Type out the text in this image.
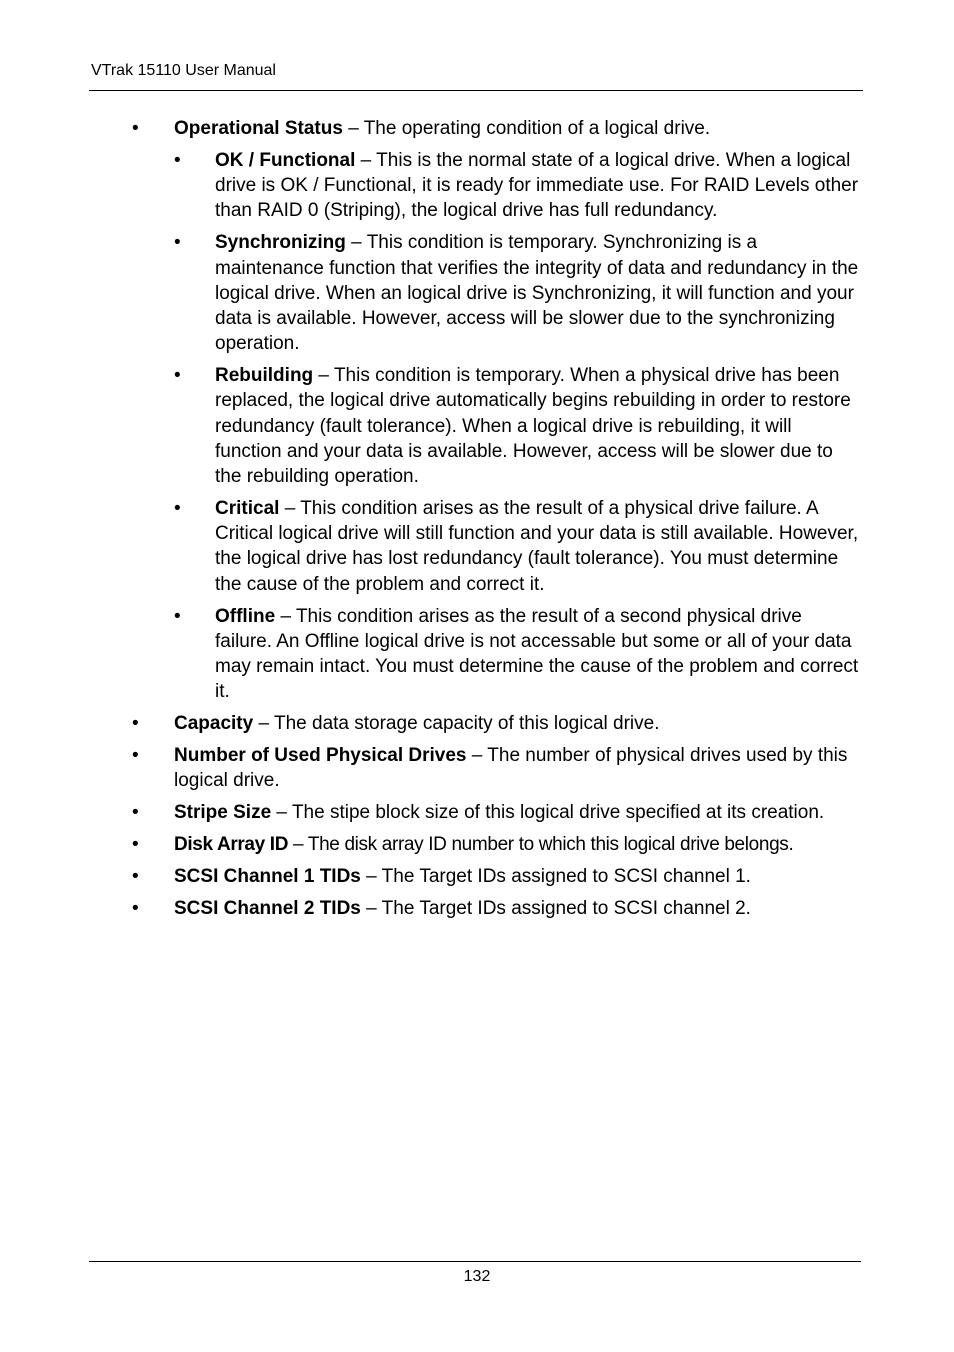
VTrak 15110 User Manual
• Operational Status – The operating condition of a logical drive.
• OK / Functional – This is the normal state of a logical drive. When a logical drive is OK / Functional, it is ready for immediate use. For RAID Levels other than RAID 0 (Striping), the logical drive has full redundancy.
• Synchronizing – This condition is temporary. Synchronizing is a maintenance function that verifies the integrity of data and redundancy in the logical drive. When an logical drive is Synchronizing, it will function and your data is available. However, access will be slower due to the synchronizing operation.
• Rebuilding – This condition is temporary. When a physical drive has been replaced, the logical drive automatically begins rebuilding in order to restore redundancy (fault tolerance). When a logical drive is rebuilding, it will function and your data is available. However, access will be slower due to the rebuilding operation.
• Critical – This condition arises as the result of a physical drive failure. A Critical logical drive will still function and your data is still available. However, the logical drive has lost redundancy (fault tolerance). You must determine the cause of the problem and correct it.
• Offline – This condition arises as the result of a second physical drive failure. An Offline logical drive is not accessable but some or all of your data may remain intact. You must determine the cause of the problem and correct it.
• Capacity – The data storage capacity of this logical drive.
• Number of Used Physical Drives – The number of physical drives used by this logical drive.
• Stripe Size – The stipe block size of this logical drive specified at its creation.
• Disk Array ID – The disk array ID number to which this logical drive belongs.
• SCSI Channel 1 TIDs – The Target IDs assigned to SCSI channel 1.
• SCSI Channel 2 TIDs – The Target IDs assigned to SCSI channel 2.
132
